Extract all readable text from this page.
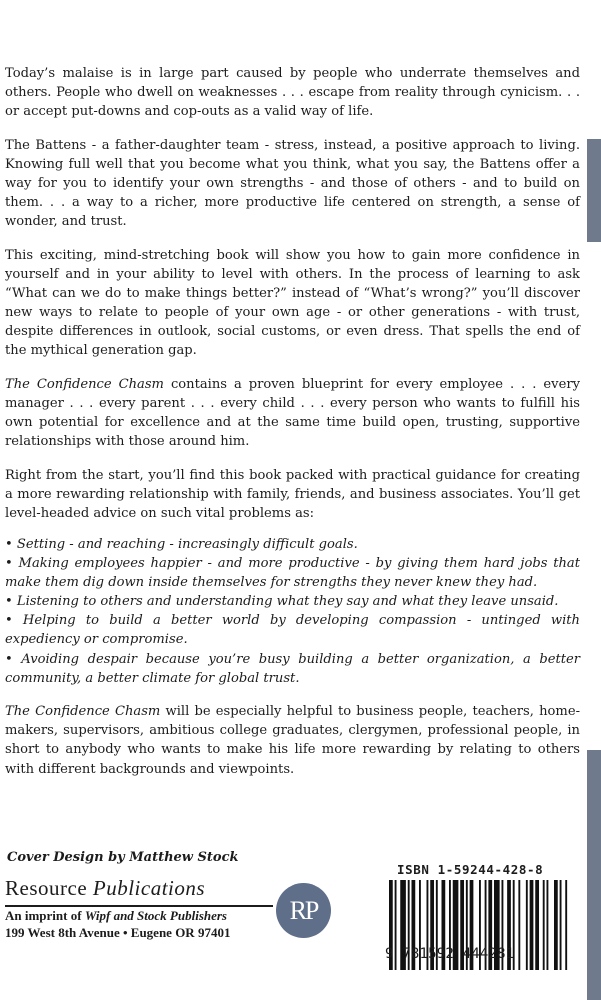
Today’s malaise is in large part caused by people who underrate themselves and others. People who dwell on weaknesses . . . escape from reality through cynicism. . . or accept put-downs and cop-outs as a valid way of life.

The Battens - a father-daughter team - stress, instead, a positive approach to living. Knowing full well that you become what you think, what you say, the Battens offer a way for you to identify your own strengths - and those of others - and to build on them. . . a way to a richer, more productive life centered on strength, a sense of wonder, and trust.

This exciting, mind-stretching book will show you how to gain more confidence in yourself and in your ability to level with others. In the process of learning to ask “What can we do to make things better?” instead of “What’s wrong?” you’ll discover new ways to relate to people of your own age - or other generations - with trust, despite differences in outlook, social customs, or even dress. That spells the end of the mythical generation gap.

The Confidence Chasm contains a proven blueprint for every employee . . . every manager . . . every parent . . . every child . . . every person who wants to fulfill his own potential for excellence and at the same time build open, trusting, supportive relationships with those around him.

Right from the start, you’ll find this book packed with practical guidance for creating a more rewarding relationship with family, friends, and business associates. You’ll get level-headed advice on such vital problems as:

• Setting - and reaching - increasingly difficult goals.
• Making employees happier - and more productive - by giving them hard jobs that make them dig down inside themselves for strengths they never knew they had.
• Listening to others and understanding what they say and what they leave unsaid.
• Helping to build a better world by developing compassion - untinged with expediency or compromise.
• Avoiding despair because you’re busy building a better organization, a better community, a better climate for global trust.

The Confidence Chasm will be especially helpful to business people, teachers, home-makers, supervisors, ambitious college graduates, clergymen, professional people, in short to anybody who wants to make his life more rewarding by relating to others with different backgrounds and viewpoints.

Cover Design by Matthew Stock
Resource Publications
An imprint of Wipf and Stock Publishers
199 West 8th Avenue • Eugene OR 97401
RP
ISBN 1-59244-428-8
9 781592 444281
